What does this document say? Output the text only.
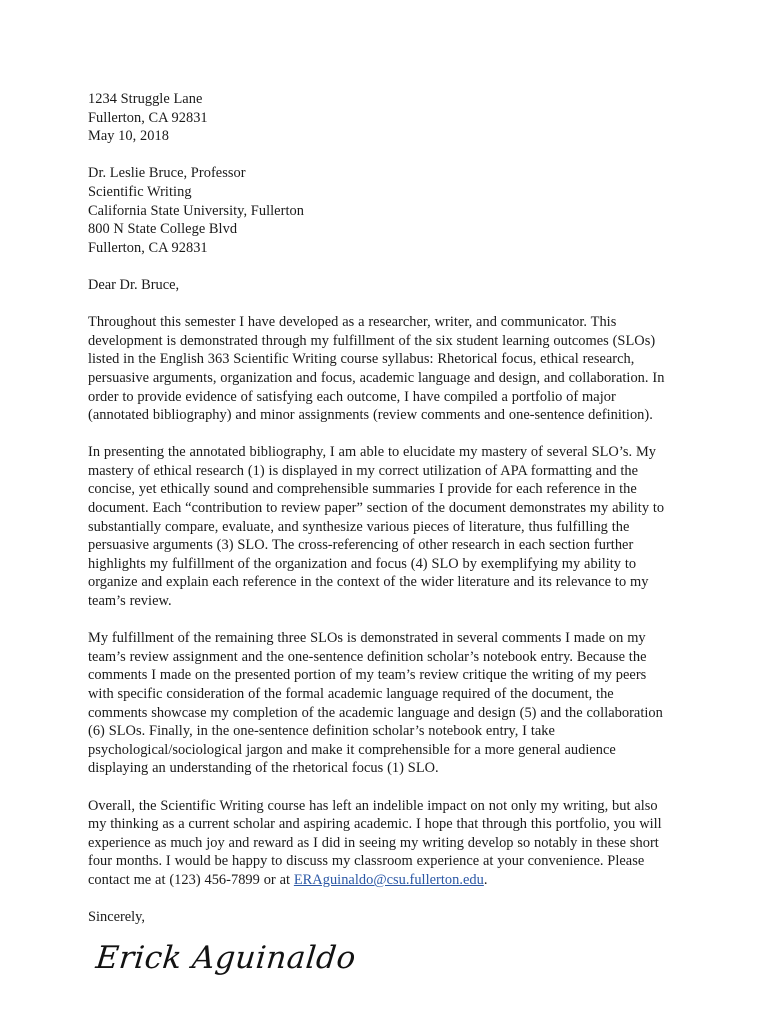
1234 Struggle Lane
Fullerton, CA 92831
May 10, 2018
Dr. Leslie Bruce, Professor
Scientific Writing
California State University, Fullerton
800 N State College Blvd
Fullerton, CA 92831

Dear Dr. Bruce,

Throughout this semester I have developed as a researcher, writer, and communicator. This development is demonstrated through my fulfillment of the six student learning outcomes (SLOs) listed in the English 363 Scientific Writing course syllabus: Rhetorical focus, ethical research, persuasive arguments, organization and focus, academic language and design, and collaboration. In order to provide evidence of satisfying each outcome, I have compiled a portfolio of major (annotated bibliography) and minor assignments (review comments and one-sentence definition).

In presenting the annotated bibliography, I am able to elucidate my mastery of several SLO’s. My mastery of ethical research (1) is displayed in my correct utilization of APA formatting and the concise, yet ethically sound and comprehensible summaries I provide for each reference in the document. Each “contribution to review paper” section of the document demonstrates my ability to substantially compare, evaluate, and synthesize various pieces of literature, thus fulfilling the persuasive arguments (3) SLO. The cross-referencing of other research in each section further highlights my fulfillment of the organization and focus (4) SLO by exemplifying my ability to organize and explain each reference in the context of the wider literature and its relevance to my team’s review.

My fulfillment of the remaining three SLOs is demonstrated in several comments I made on my team’s review assignment and the one-sentence definition scholar’s notebook entry. Because the comments I made on the presented portion of my team’s review critique the writing of my peers with specific consideration of the formal academic language required of the document, the comments showcase my completion of the academic language and design (5) and the collaboration (6) SLOs. Finally, in the one-sentence definition scholar’s notebook entry, I take psychological/sociological jargon and make it comprehensible for a more general audience displaying an understanding of the rhetorical focus (1) SLO.

Overall, the Scientific Writing course has left an indelible impact on not only my writing, but also my thinking as a current scholar and aspiring academic. I hope that through this portfolio, you will experience as much joy and reward as I did in seeing my writing develop so notably in these short four months. I would be happy to discuss my classroom experience at your convenience. Please contact me at (123) 456-7899 or at ERAguinaldo@csu.fullerton.edu.

Sincerely,

Erick Aguinaldo
